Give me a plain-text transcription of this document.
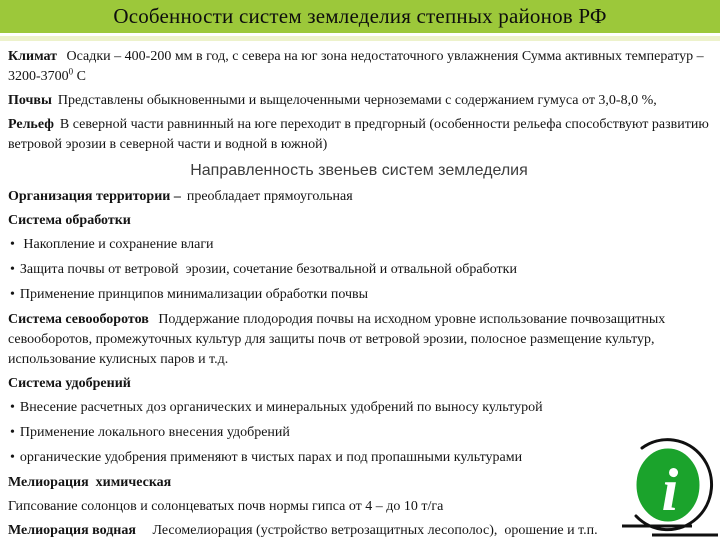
Особенности систем земледелия степных районов РФ

Климат Осадки – 400-200 мм в год, с севера на юг зона недостаточного увлажнения Сумма активных температур – 3200-3700$^0$ С

Почвы Представлены обыкновенными и выщелоченными черноземами с содержанием гумуса от 3,0-8,0 %,

Рельеф В северной части равнинный на юге переходит в предгорный (особенности рельефа способствуют развитию ветровой эрозии в северной части и водной в южной)

Направленность звеньев систем земледелия

Организация территории – преобладает прямоугольная

Система обработки

• Накопление и сохранение влаги

• Защита почвы от ветровой  эрозии, сочетание безотвальной и отвальной обработки

• Применение принципов минимализации обработки почвы

Система севооборотов Поддержание плодородия почвы на исходном уровне использование почвозащитных севооборотов, промежуточных культур для защиты почв от ветровой эрозии, полосное размещение культур, использование кулисных паров и т.д.

Система удобрений

• Внесение расчетных доз органических и минеральных удобрений по выносу культурой

• Применение локального внесения удобрений

• органические удобрения применяют в чистых парах и под пропашными культурами

Мелиорация  химическая

Гипсование солонцов и солонцеватых почв нормы гипса от 4 – до 10 т/га

Мелиорация водная   Лесомелиорация (устройство ветрозащитных лесополос),  орошение и т.п.

i
